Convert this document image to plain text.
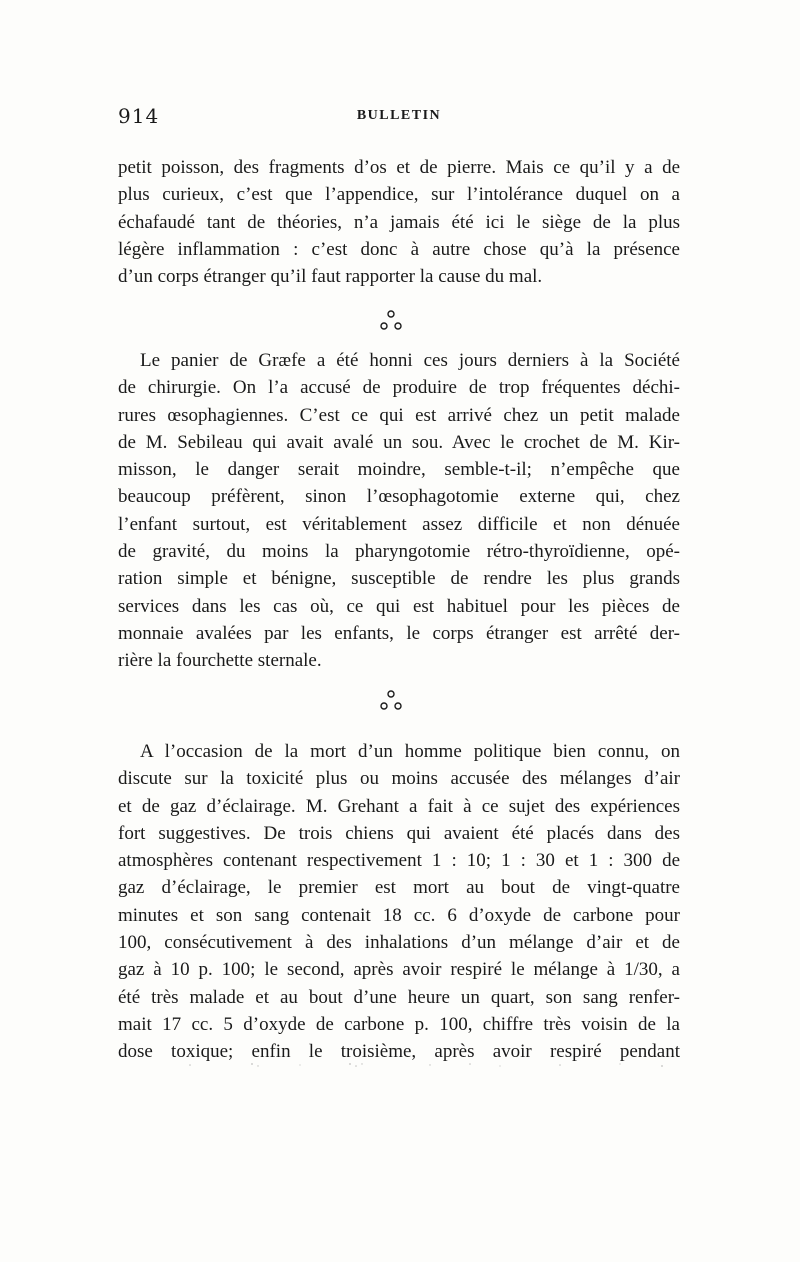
914	BULLETIN
petit poisson, des fragments d’os et de pierre. Mais ce qu’il y a de
plus curieux, c’est que l’appendice, sur l’intolérance duquel on a
échafaudé tant de théories, n’a jamais été ici le siège de la plus
légère inflammation : c’est donc à autre chose qu’à la présence
d’un corps étranger qu’il faut rapporter la cause du mal.
Le panier de Græfe a été honni ces jours derniers à la Société
de chirurgie. On l’a accusé de produire de trop fréquentes déchi-
rures œsophagiennes. C’est ce qui est arrivé chez un petit malade
de M. Sebileau qui avait avalé un sou. Avec le crochet de M. Kir-
misson, le danger serait moindre, semble-t-il; n’empêche que
beaucoup préfèrent, sinon l’œsophagotomie externe qui, chez
l’enfant surtout, est véritablement assez difficile et non dénuée
de gravité, du moins la pharyngotomie rétro-thyroïdienne, opé-
ration simple et bénigne, susceptible de rendre les plus grands
services dans les cas où, ce qui est habituel pour les pièces de
monnaie avalées par les enfants, le corps étranger est arrêté der-
rière la fourchette sternale.
A l’occasion de la mort d’un homme politique bien connu, on
discute sur la toxicité plus ou moins accusée des mélanges d’air
et de gaz d’éclairage. M. Grehant a fait à ce sujet des expériences
fort suggestives. De trois chiens qui avaient été placés dans des
atmosphères contenant respectivement 1 : 10; 1 : 30 et 1 : 300 de
gaz d’éclairage, le premier est mort au bout de vingt-quatre
minutes et son sang contenait 18 cc. 6 d’oxyde de carbone pour
100, consécutivement à des inhalations d’un mélange d’air et de
gaz à 10 p. 100; le second, après avoir respiré le mélange à 1/30, a
été très malade et au bout d’une heure un quart, son sang renfer-
mait 17 cc. 5 d’oxyde de carbone p. 100, chiffre très voisin de la
dose toxique; enfin le troisième, après avoir respiré pendant
